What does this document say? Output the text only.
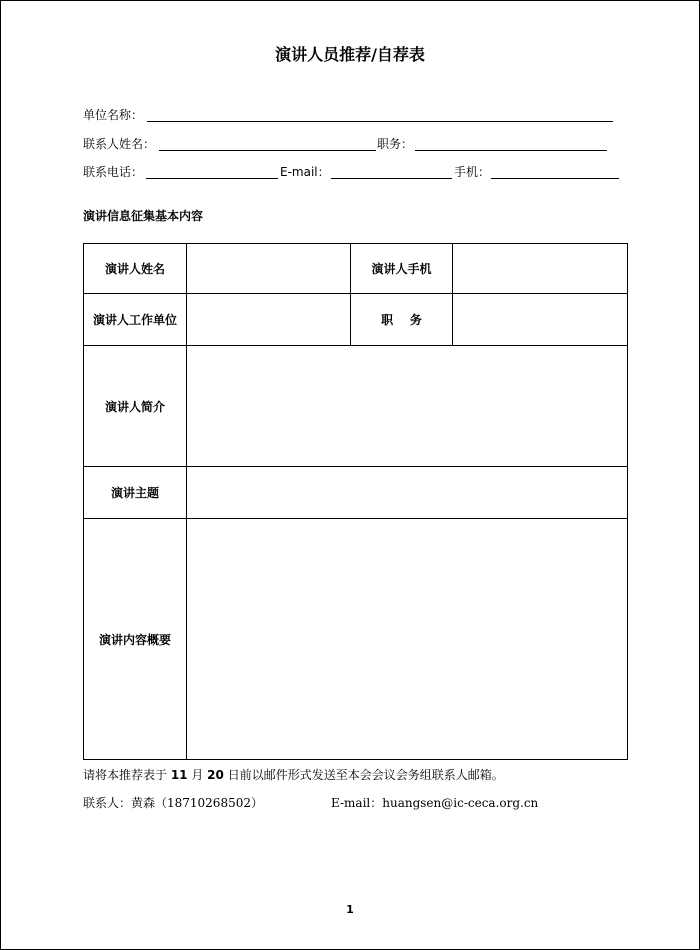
演讲人员推荐/自荐表
单位名称：
联系人姓名：	职务：
联系电话：	E-mail：	手机：
演讲信息征集基本内容
演讲人姓名		演讲人手机	
演讲人工作单位		职    务	
演讲人简介			
演讲主题			
演讲内容概要			
请将本推荐表于 11 月 20 日前以邮件形式发送至本会会议会务组联系人邮箱。
联系人：黄森（18710268502）	E-mail：huangsen@ic-ceca.org.cn
1
